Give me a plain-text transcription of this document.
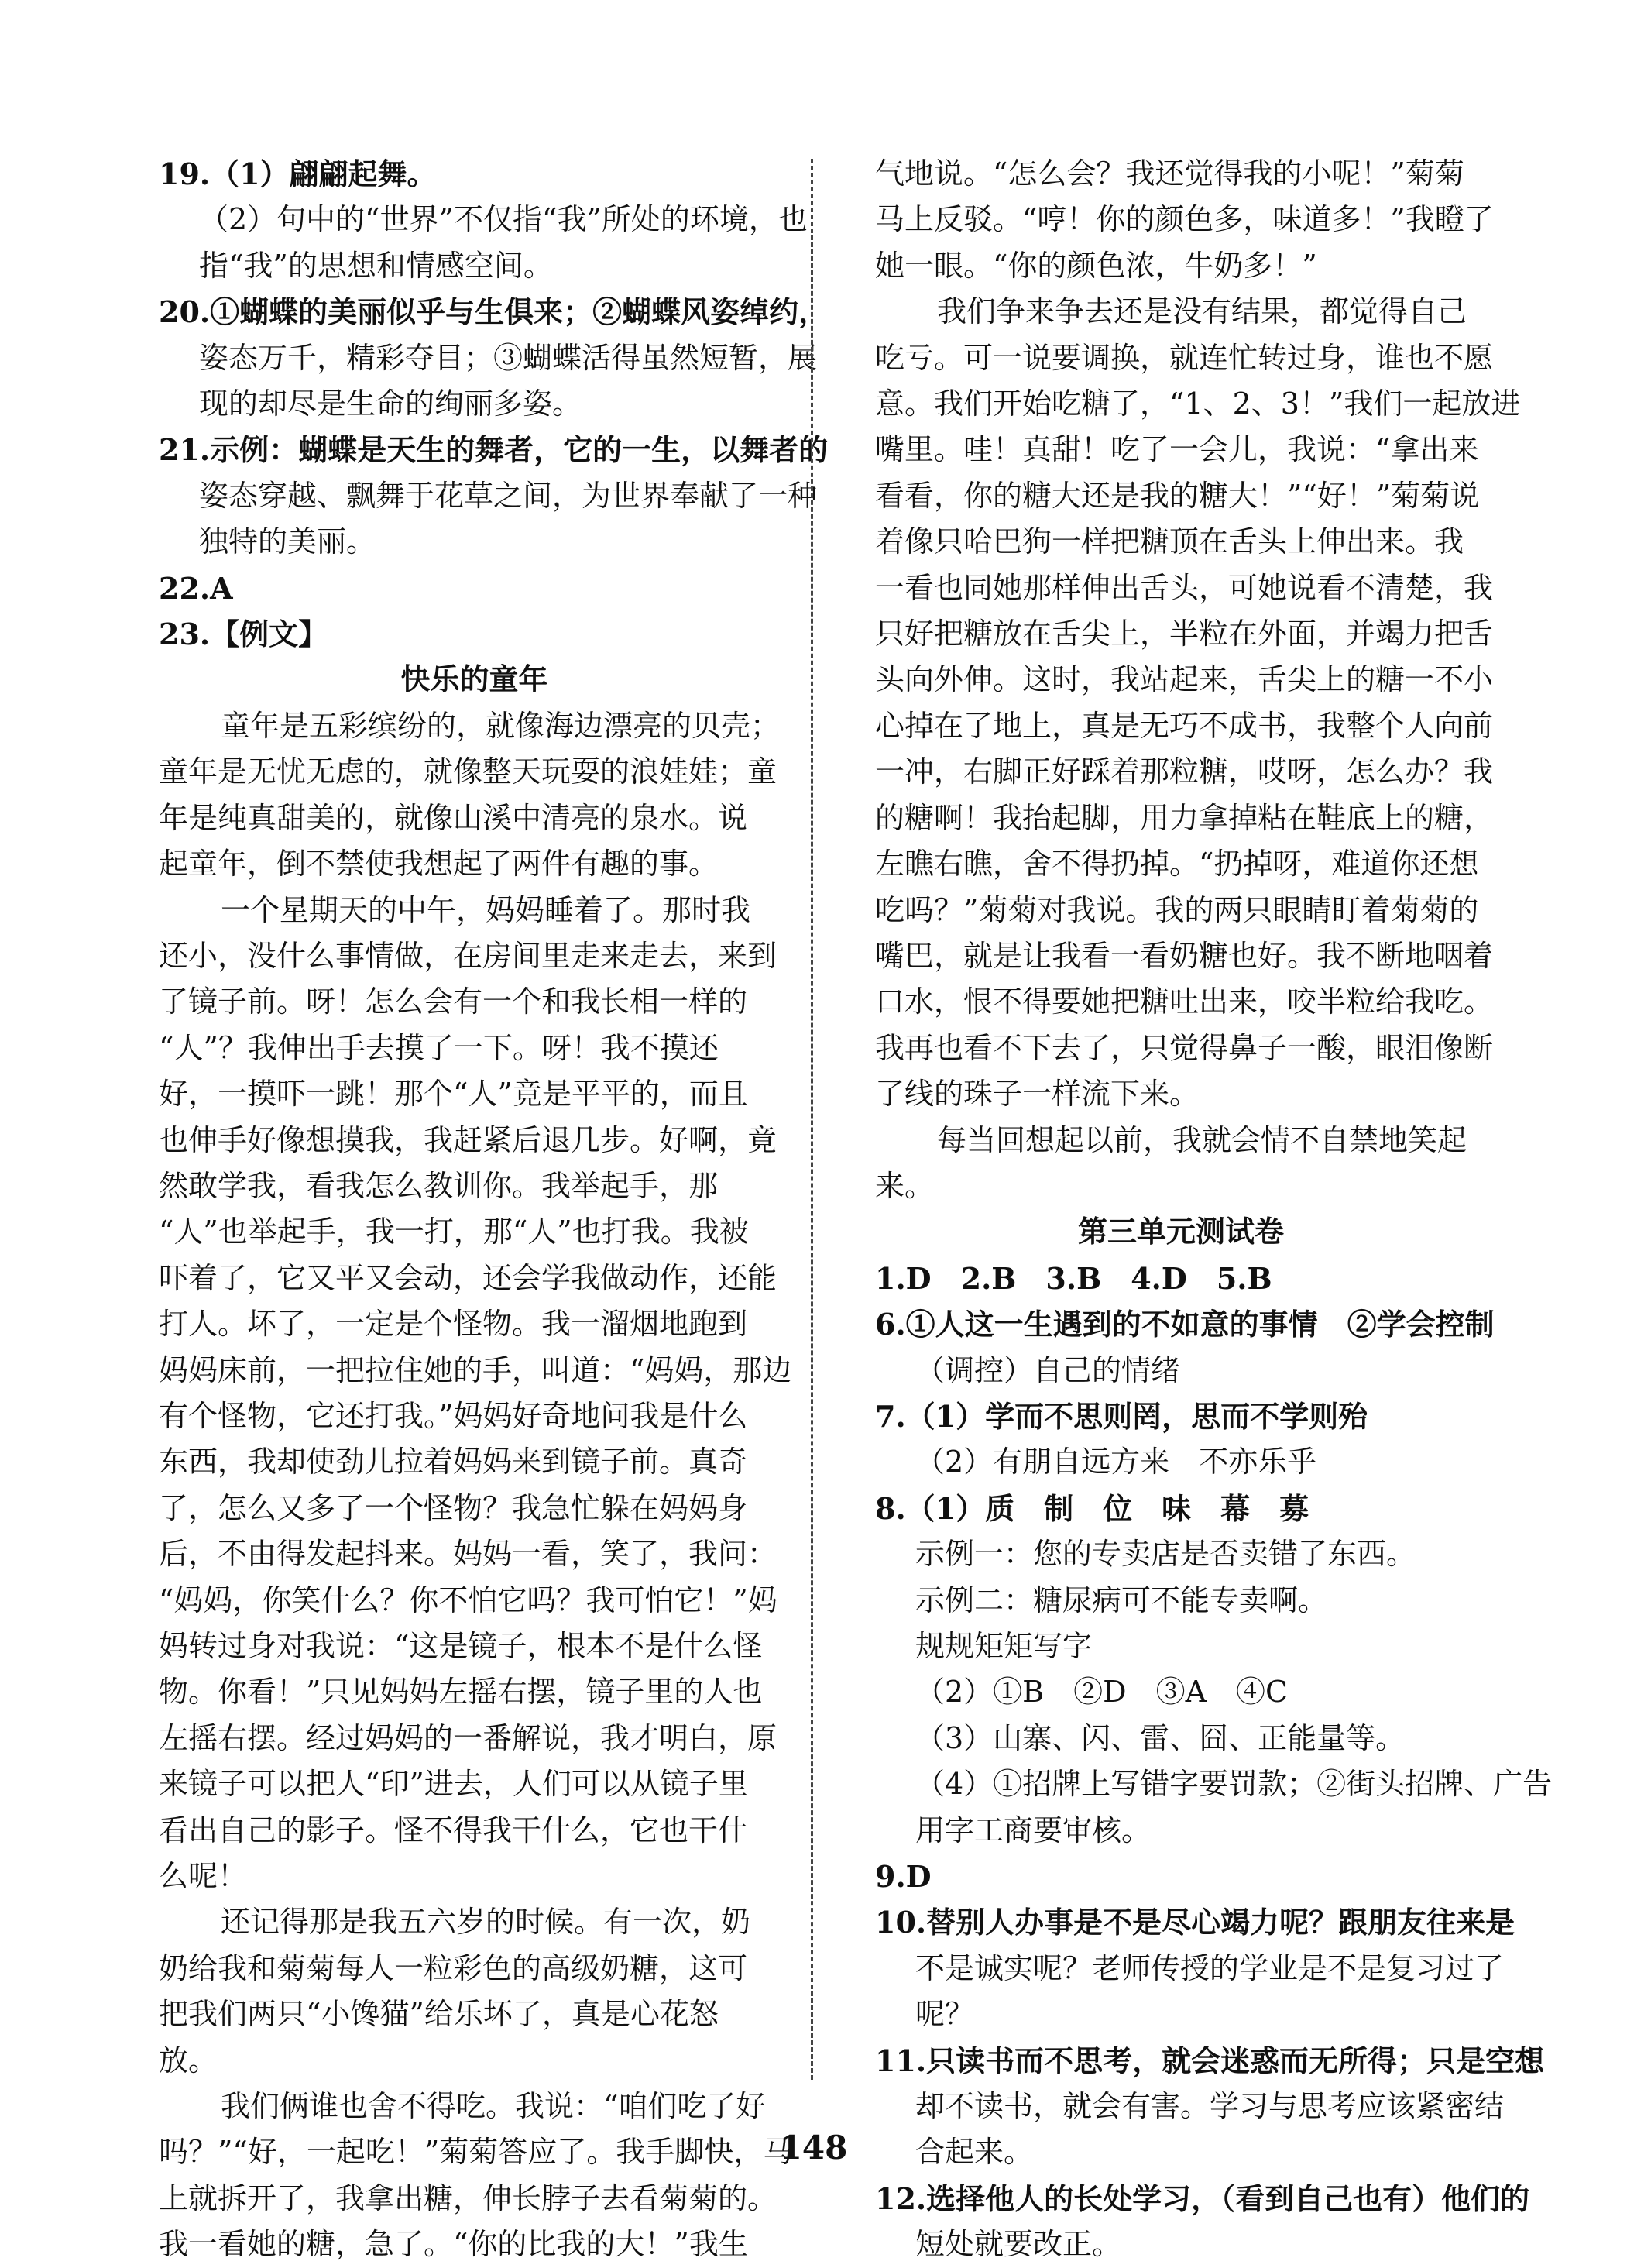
19.（1）翩翩起舞。

（2）句中的“世界”不仅指“我”所处的环境，也

指“我”的思想和情感空间。

20.①蝴蝶的美丽似乎与生俱来；②蝴蝶风姿绰约，

姿态万千，精彩夺目；③蝴蝶活得虽然短暂，展

现的却尽是生命的绚丽多姿。

21.示例：蝴蝶是天生的舞者，它的一生，以舞者的

姿态穿越、飘舞于花草之间，为世界奉献了一种

独特的美丽。

22.A

23.【例文】

快乐的童年

童年是五彩缤纷的，就像海边漂亮的贝壳；

童年是无忧无虑的，就像整天玩耍的浪娃娃；童

年是纯真甜美的，就像山溪中清亮的泉水。说

起童年，倒不禁使我想起了两件有趣的事。

一个星期天的中午，妈妈睡着了。那时我

还小，没什么事情做，在房间里走来走去，来到

了镜子前。呀！怎么会有一个和我长相一样的

“人”？我伸出手去摸了一下。呀！我不摸还

好，一摸吓一跳！那个“人”竟是平平的，而且

也伸手好像想摸我，我赶紧后退几步。好啊，竟

然敢学我，看我怎么教训你。我举起手，那

“人”也举起手，我一打，那“人”也打我。我被

吓着了，它又平又会动，还会学我做动作，还能

打人。坏了，一定是个怪物。我一溜烟地跑到

妈妈床前，一把拉住她的手，叫道：“妈妈，那边

有个怪物，它还打我。”妈妈好奇地问我是什么

东西，我却使劲儿拉着妈妈来到镜子前。真奇

了，怎么又多了一个怪物？我急忙躲在妈妈身

后，不由得发起抖来。妈妈一看，笑了，我问：

“妈妈，你笑什么？你不怕它吗？我可怕它！”妈

妈转过身对我说：“这是镜子，根本不是什么怪

物。你看！”只见妈妈左摇右摆，镜子里的人也

左摇右摆。经过妈妈的一番解说，我才明白，原

来镜子可以把人“印”进去，人们可以从镜子里

看出自己的影子。怪不得我干什么，它也干什

么呢！

还记得那是我五六岁的时候。有一次，奶

奶给我和菊菊每人一粒彩色的高级奶糖，这可

把我们两只“小馋猫”给乐坏了，真是心花怒

放。

我们俩谁也舍不得吃。我说：“咱们吃了好

吗？”“好，一起吃！”菊菊答应了。我手脚快，马

上就拆开了，我拿出糖，伸长脖子去看菊菊的。

我一看她的糖，急了。“你的比我的大！”我生

气地说。“怎么会？我还觉得我的小呢！”菊菊

马上反驳。“哼！你的颜色多，味道多！”我瞪了

她一眼。“你的颜色浓，牛奶多！”

我们争来争去还是没有结果，都觉得自己

吃亏。可一说要调换，就连忙转过身，谁也不愿

意。我们开始吃糖了，“1、2、3！”我们一起放进

嘴里。哇！真甜！吃了一会儿，我说：“拿出来

看看，你的糖大还是我的糖大！”“好！”菊菊说

着像只哈巴狗一样把糖顶在舌头上伸出来。我

一看也同她那样伸出舌头，可她说看不清楚，我

只好把糖放在舌尖上，半粒在外面，并竭力把舌

头向外伸。这时，我站起来，舌尖上的糖一不小

心掉在了地上，真是无巧不成书，我整个人向前

一冲，右脚正好踩着那粒糖，哎呀，怎么办？我

的糖啊！我抬起脚，用力拿掉粘在鞋底上的糖，

左瞧右瞧，舍不得扔掉。“扔掉呀，难道你还想

吃吗？”菊菊对我说。我的两只眼睛盯着菊菊的

嘴巴，就是让我看一看奶糖也好。我不断地咽着

口水，恨不得要她把糖吐出来，咬半粒给我吃。

我再也看不下去了，只觉得鼻子一酸，眼泪像断

了线的珠子一样流下来。

每当回想起以前，我就会情不自禁地笑起

来。

第三单元测试卷

1.D　2.B　3.B　4.D　5.B

6.①人这一生遇到的不如意的事情　②学会控制

（调控）自己的情绪

7.（1）学而不思则罔，思而不学则殆

（2）有朋自远方来　不亦乐乎

8.（1）质　制　位　味　幕　募

示例一：您的专卖店是否卖错了东西。

示例二：糖尿病可不能专卖啊。

规规矩矩写字

（2）①B　②D　③A　④C

（3）山寨、闪、雷、囧、正能量等。

（4）①招牌上写错字要罚款；②街头招牌、广告

用字工商要审核。

9.D

10.替别人办事是不是尽心竭力呢？跟朋友往来是

不是诚实呢？老师传授的学业是不是复习过了

呢？

11.只读书而不思考，就会迷惑而无所得；只是空想

却不读书，就会有害。学习与思考应该紧密结

合起来。

12.选择他人的长处学习，（看到自己也有）他们的

短处就要改正。

148
